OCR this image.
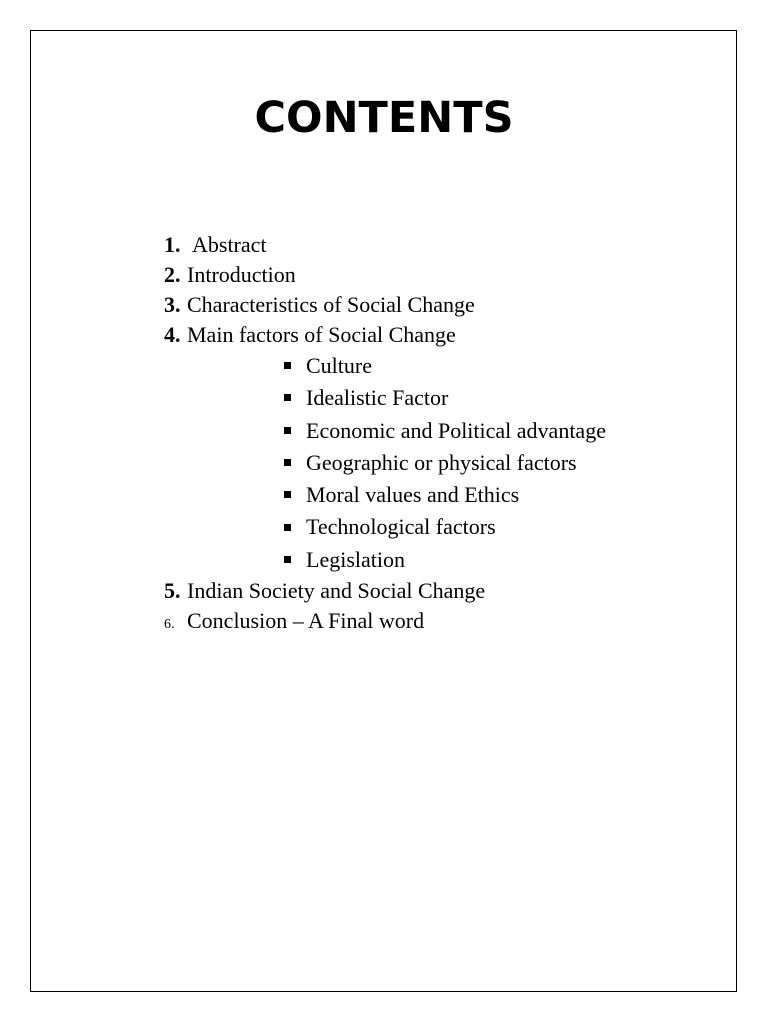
CONTENTS
1. Abstract
2. Introduction
3. Characteristics of Social Change
4. Main factors of Social Change
Culture
Idealistic Factor
Economic and Political advantage
Geographic or physical factors
Moral values and Ethics
Technological factors
Legislation
5. Indian Society and Social Change
6. Conclusion – A Final word
